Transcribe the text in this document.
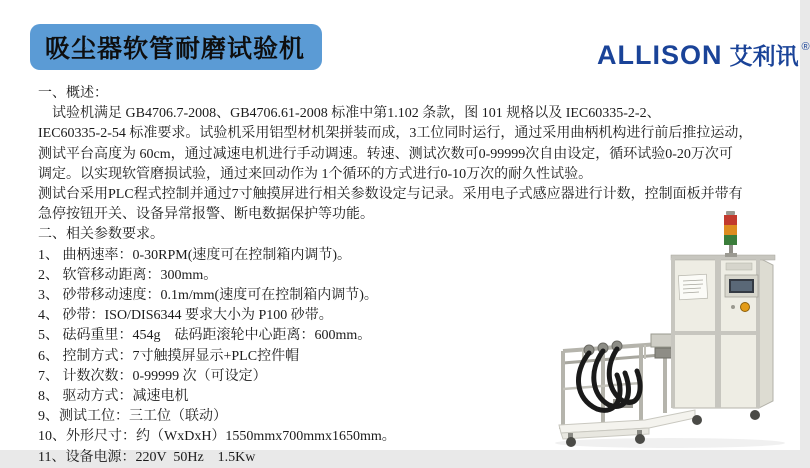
吸尘器软管耐磨试验机	ALLISON 艾利讯 ®
一、概述：
试验机满足 GB4706.7-2008、GB4706.61-2008 标准中第1.102 条款，图 101 规格以及 IEC60335-2-2、
IEC60335-2-54 标准要求。试验机采用铝型材机架拼装而成，3工位同时运行，通过采用曲柄机构进行前后推拉运动，
测试平台高度为 60cm，通过减速电机进行手动调速。转速、测试次数可0-99999次自由设定，循环试验0-20万次可
调定。以实现软管磨损试验，通过来回动作为 1个循环的方式进行0-10万次的耐久性试验。
测试台采用PLC程式控制并通过7寸触摸屏进行相关参数设定与记录。采用电子式感应器进行计数，控制面板并带有
急停按钮开关、设备异常报警、断电数据保护等功能。
二、相关参数要求。
1、 曲柄速率：0-30RPM(速度可在控制箱内调节)。
2、 软管移动距离：300mm。
3、 砂带移动速度：0.1m/mm(速度可在控制箱内调节)。
4、 砂带：ISO/DIS6344 要求大小为 P100 砂带。
5、 砝码重里：454g    砝码距滚轮中心距离：600mm。
6、 控制方式：7寸触摸屏显示+PLC控件帽
7、 计数次数：0-99999 次（可设定）
8、 驱动方式：减速电机
9、测试工位：三工位（联动）
10、外形尺寸：约（WxDxH）1550mmx700mmx1650mm。
11、设备电源：220V  50Hz    1.5Kw
